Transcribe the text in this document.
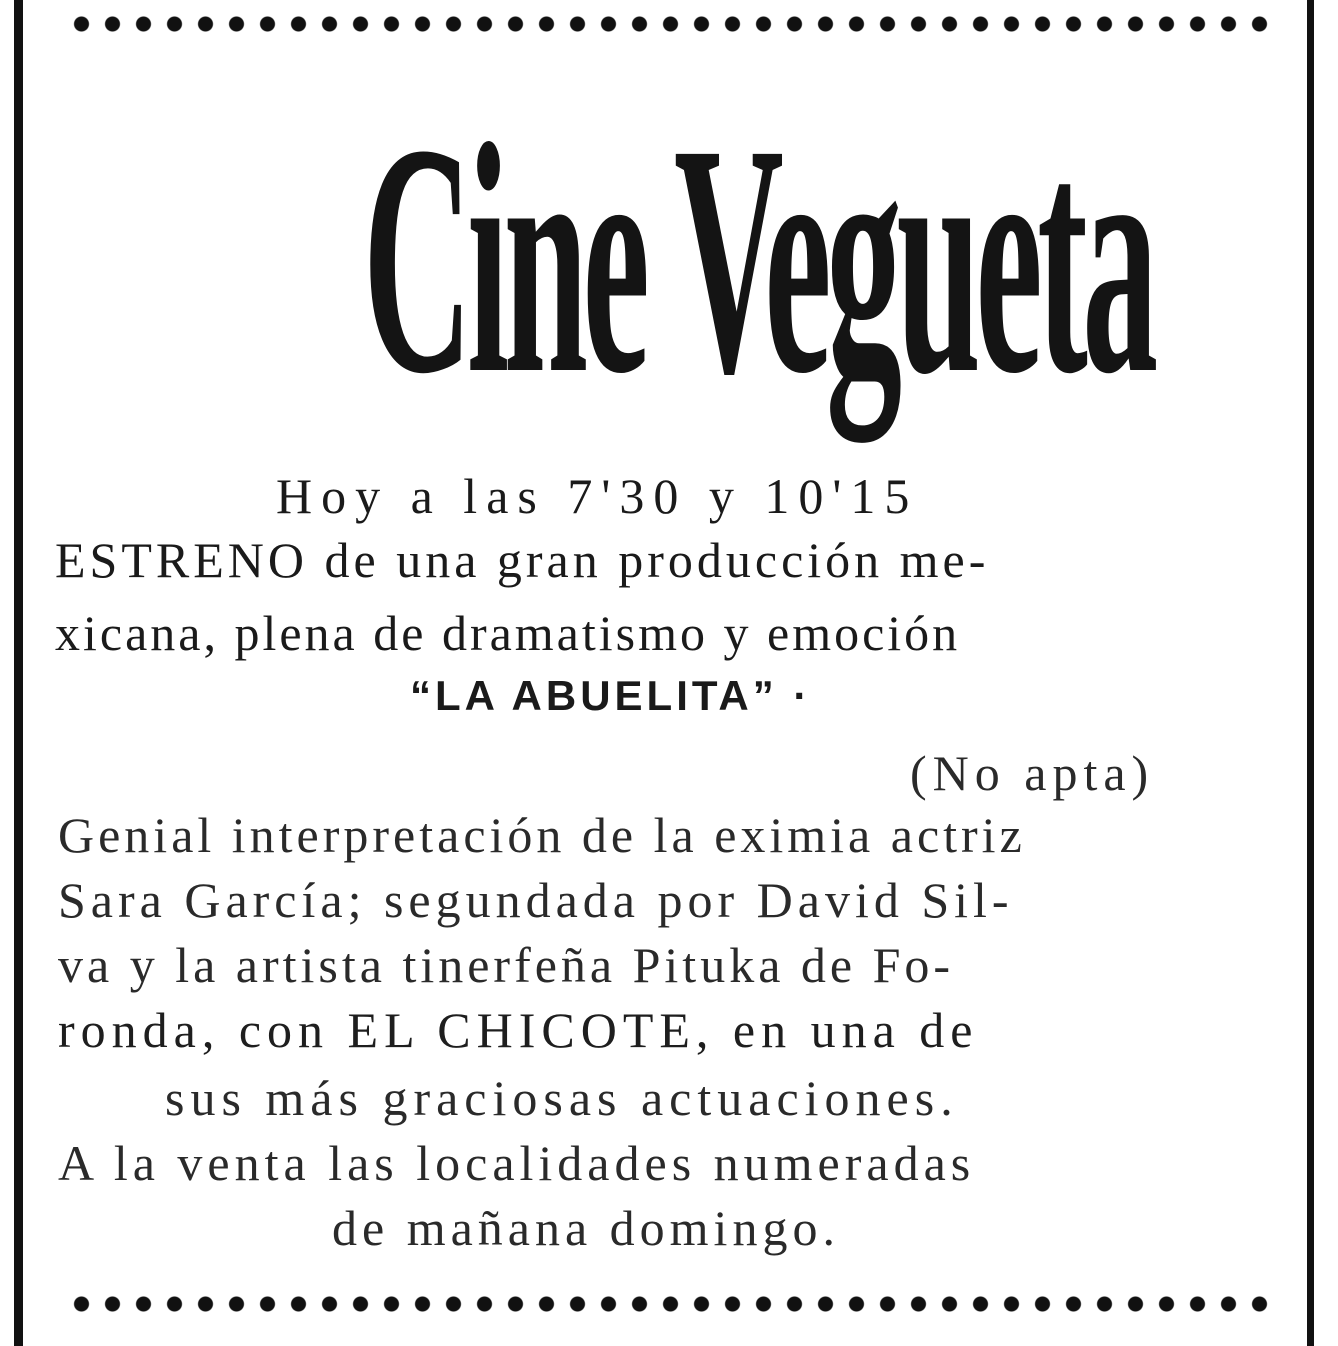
Cine Vegueta
Hoy a las 7'30 y 10'15
ESTRENO de una gran producción me-
xicana, plena de dramatismo y emoción
“LA ABUELITA” ·
(No apta)
Genial interpretación de la eximia actriz
Sara García; segundada por David Sil-
va y la artista tinerfeña Pituka de Fo-
ronda, con EL CHICOTE, en una de
sus más graciosas actuaciones.
A la venta las localidades numeradas
de mañana domingo.
